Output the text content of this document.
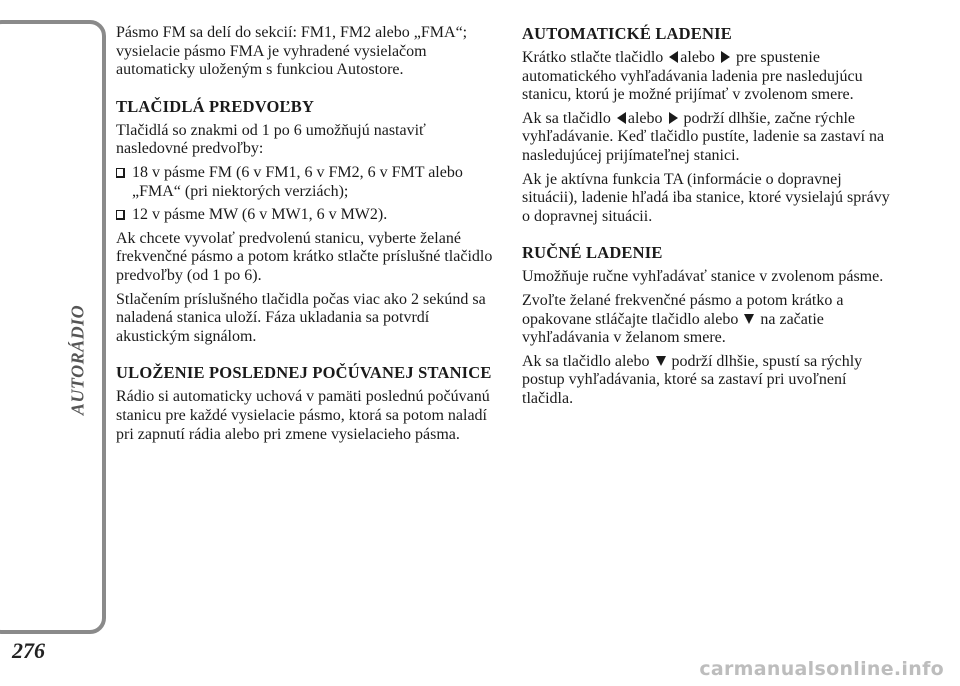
AUTORÁDIO
276
carmanualsonline.info

Pásmo FM sa delí do sekcií: FM1, FM2 alebo „FMA“; vysielacie pásmo FMA je vyhradené vysielačom automaticky uloženým s funkciou Autostore.

TLAČIDLÁ PREDVOĽBY

Tlačidlá so znakmi od 1 po 6 umožňujú nastaviť nasledovné predvoľby:

18 v pásme FM (6 v FM1, 6 v FM2, 6 v FMT alebo „FMA“ (pri niektorých verziách);
12 v pásme MW (6 v MW1, 6 v MW2).

Ak chcete vyvolať predvolenú stanicu, vyberte želané frekvenčné pásmo a potom krátko stlačte príslušné tlačidlo predvoľby (od 1 po 6).

Stlačením príslušného tlačidla počas viac ako 2 sekúnd sa naladená stanica uloží. Fáza ukladania sa potvrdí akustickým signálom.

ULOŽENIE POSLEDNEJ POČÚVANEJ STANICE

Rádio si automaticky uchová v pamäti poslednú počúvanú stanicu pre každé vysielacie pásmo, ktorá sa potom naladí pri zapnutí rádia alebo pri zmene vysielacieho pásma.

AUTOMATICKÉ LADENIE

Krátko stlačte tlačidlo alebo pre spustenie automatického vyhľadávania ladenia pre nasledujúcu stanicu, ktorú je možné prijímať v zvolenom smere.

Ak sa tlačidlo alebo podrží dlhšie, začne rýchle vyhľadávanie. Keď tlačidlo pustíte, ladenie sa zastaví na nasledujúcej prijímateľnej stanici.

Ak je aktívna funkcia TA (informácie o dopravnej situácii), ladenie hľadá iba stanice, ktoré vysielajú správy o dopravnej situácii.

RUČNÉ LADENIE

Umožňuje ručne vyhľadávať stanice v zvolenom pásme.

Zvoľte želané frekvenčné pásmo a potom krátko a opakovane stláčajte tlačidlo alebo na začatie vyhľadávania v želanom smere.

Ak sa tlačidlo alebo podrží dlhšie, spustí sa rýchly postup vyhľadávania, ktoré sa zastaví pri uvoľnení tlačidla.
